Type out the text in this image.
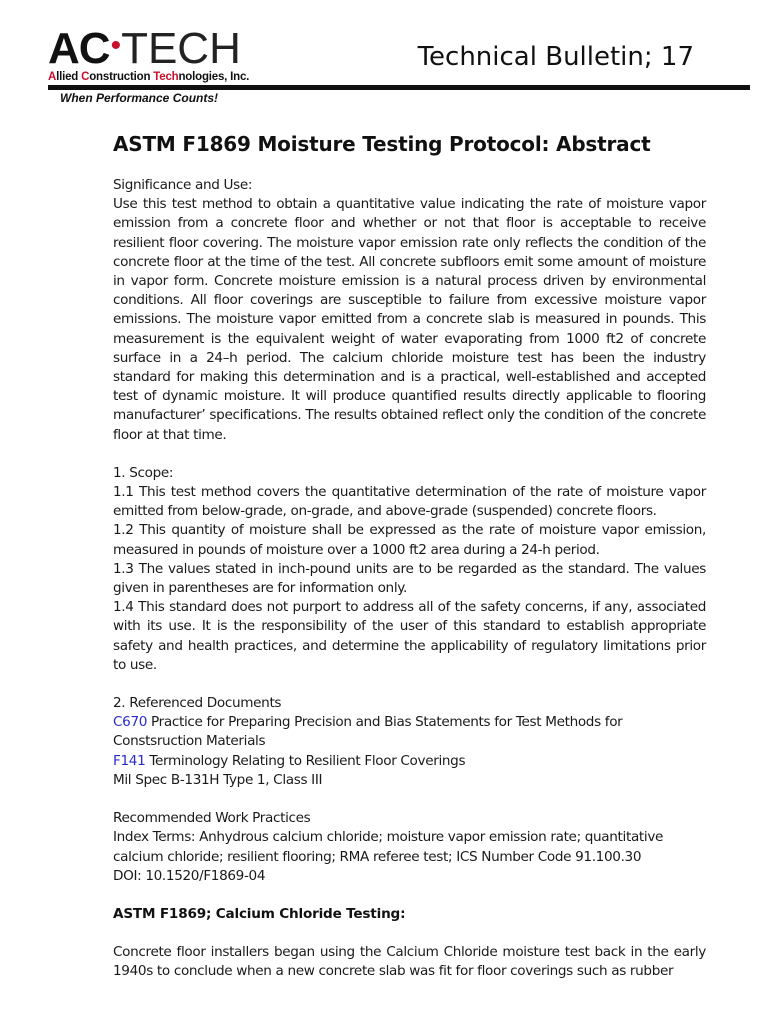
AC•TECH
Allied Construction Technologies, Inc.
Technical Bulletin; 17
When Performance Counts!
ASTM F1869 Moisture Testing Protocol: Abstract

Significance and Use:

Use this test method to obtain a quantitative value indicating the rate of moisture vapor emission from a concrete floor and whether or not that floor is acceptable to receive resilient floor covering. The moisture vapor emission rate only reflects the condition of the concrete floor at the time of the test. All concrete subfloors emit some amount of moisture in vapor form. Concrete moisture emission is a natural process driven by environmental conditions. All floor coverings are susceptible to failure from excessive moisture vapor emissions. The moisture vapor emitted from a concrete slab is measured in pounds. This measurement is the equivalent weight of water evaporating from 1000 ft2 of concrete surface in a 24–h period. The calcium chloride moisture test has been the industry standard for making this determination and is a practical, well-established and accepted test of dynamic moisture. It will produce quantified results directly applicable to flooring manufacturer’ specifications. The results obtained reflect only the condition of the concrete floor at that time.

1. Scope:

1.1 This test method covers the quantitative determination of the rate of moisture vapor emitted from below-grade, on-grade, and above-grade (suspended) concrete floors.

1.2 This quantity of moisture shall be expressed as the rate of moisture vapor emission, measured in pounds of moisture over a 1000 ft2 area during a 24-h period.

1.3 The values stated in inch-pound units are to be regarded as the standard. The values given in parentheses are for information only.

1.4 This standard does not purport to address all of the safety concerns, if any, associated with its use. It is the responsibility of the user of this standard to establish appropriate safety and health practices, and determine the applicability of regulatory limitations prior to use.

2. Referenced Documents

C670 Practice for Preparing Precision and Bias Statements for Test Methods for Constsruction Materials

F141 Terminology Relating to Resilient Floor Coverings

Mil Spec B-131H Type 1, Class III

Recommended Work Practices

Index Terms: Anhydrous calcium chloride; moisture vapor emission rate; quantitative calcium chloride; resilient flooring; RMA referee test; ICS Number Code 91.100.30

DOI: 10.1520/F1869-04

ASTM F1869; Calcium Chloride Testing:

Concrete floor installers began using the Calcium Chloride moisture test back in the early 1940s to conclude when a new concrete slab was fit for floor coverings such as rubber
